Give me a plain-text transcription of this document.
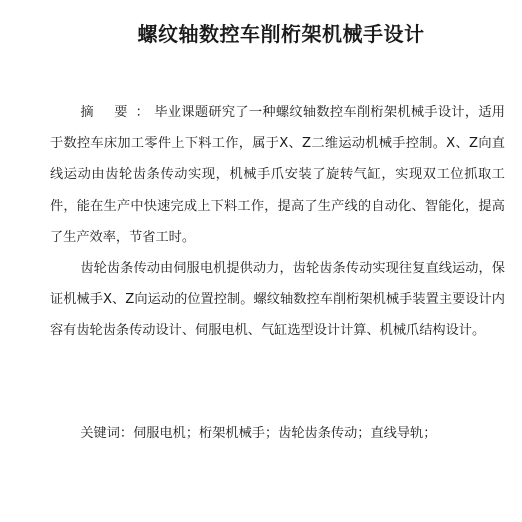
螺纹轴数控车削桁架机械手设计

摘 要：毕业课题研究了一种螺纹轴数控车削桁架机械手设计，适用于数控车床加工零件上下料工作，属于X、Z二维运动机械手控制。X、Z向直线运动由齿轮齿条传动实现，机械手爪安装了旋转气缸，实现双工位抓取工件，能在生产中快速完成上下料工作，提高了生产线的自动化、智能化，提高了生产效率，节省工时。

齿轮齿条传动由伺服电机提供动力，齿轮齿条传动实现往复直线运动，保证机械手X、Z向运动的位置控制。螺纹轴数控车削桁架机械手装置主要设计内容有齿轮齿条传动设计、伺服电机、气缸选型设计计算、机械爪结构设计。

关键词：伺服电机；桁架机械手；齿轮齿条传动；直线导轨；
